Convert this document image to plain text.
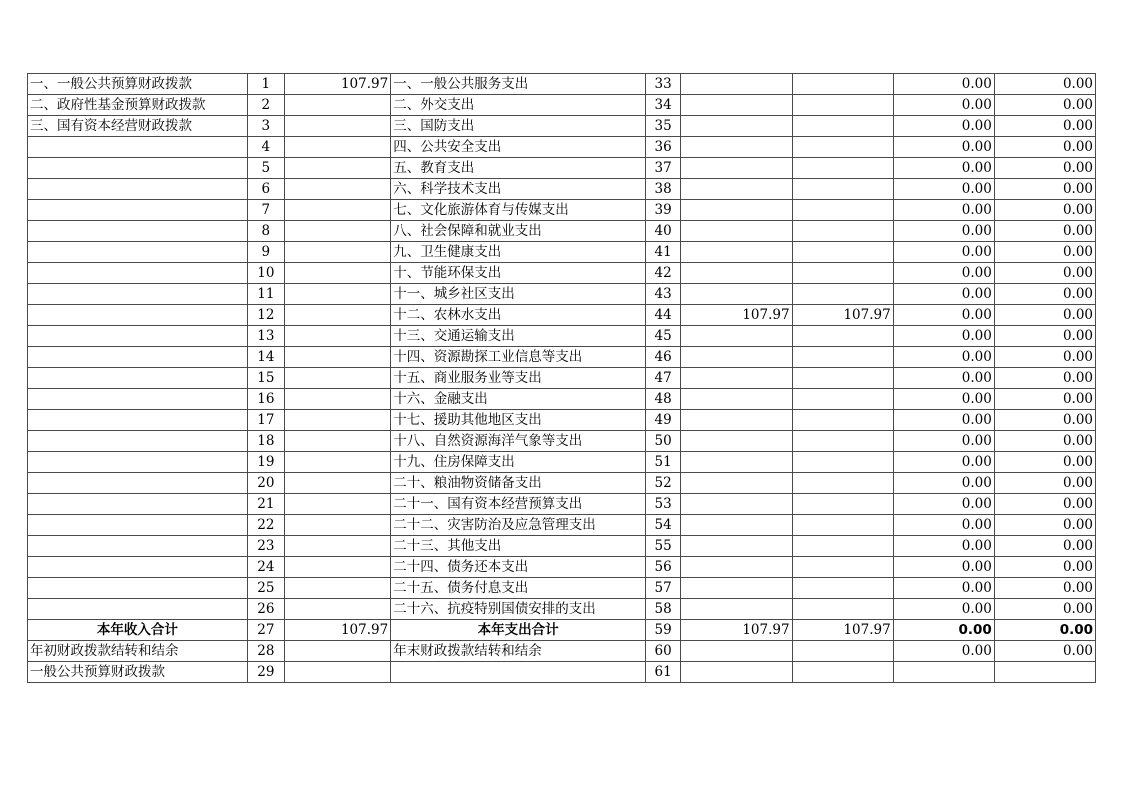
一、一般公共预算财政拨款	1	107.97	一、一般公共服务支出	33			0.00	0.00
二、政府性基金预算财政拨款	2		二、外交支出	34			0.00	0.00
三、国有资本经营财政拨款	3		三、国防支出	35			0.00	0.00
	4		四、公共安全支出	36			0.00	0.00
	5		五、教育支出	37			0.00	0.00
	6		六、科学技术支出	38			0.00	0.00
	7		七、文化旅游体育与传媒支出	39			0.00	0.00
	8		八、社会保障和就业支出	40			0.00	0.00
	9		九、卫生健康支出	41			0.00	0.00
	10		十、节能环保支出	42			0.00	0.00
	11		十一、城乡社区支出	43			0.00	0.00
	12		十二、农林水支出	44	107.97	107.97	0.00	0.00
	13		十三、交通运输支出	45			0.00	0.00
	14		十四、资源勘探工业信息等支出	46			0.00	0.00
	15		十五、商业服务业等支出	47			0.00	0.00
	16		十六、金融支出	48			0.00	0.00
	17		十七、援助其他地区支出	49			0.00	0.00
	18		十八、自然资源海洋气象等支出	50			0.00	0.00
	19		十九、住房保障支出	51			0.00	0.00
	20		二十、粮油物资储备支出	52			0.00	0.00
	21		二十一、国有资本经营预算支出	53			0.00	0.00
	22		二十二、灾害防治及应急管理支出	54			0.00	0.00
	23		二十三、其他支出	55			0.00	0.00
	24		二十四、债务还本支出	56			0.00	0.00
	25		二十五、债务付息支出	57			0.00	0.00
	26		二十六、抗疫特别国债安排的支出	58			0.00	0.00
本年收入合计	27	107.97	本年支出合计	59	107.97	107.97	0.00	0.00
年初财政拨款结转和结余	28		年末财政拨款结转和结余	60			0.00	0.00
一般公共预算财政拨款	29			61				
